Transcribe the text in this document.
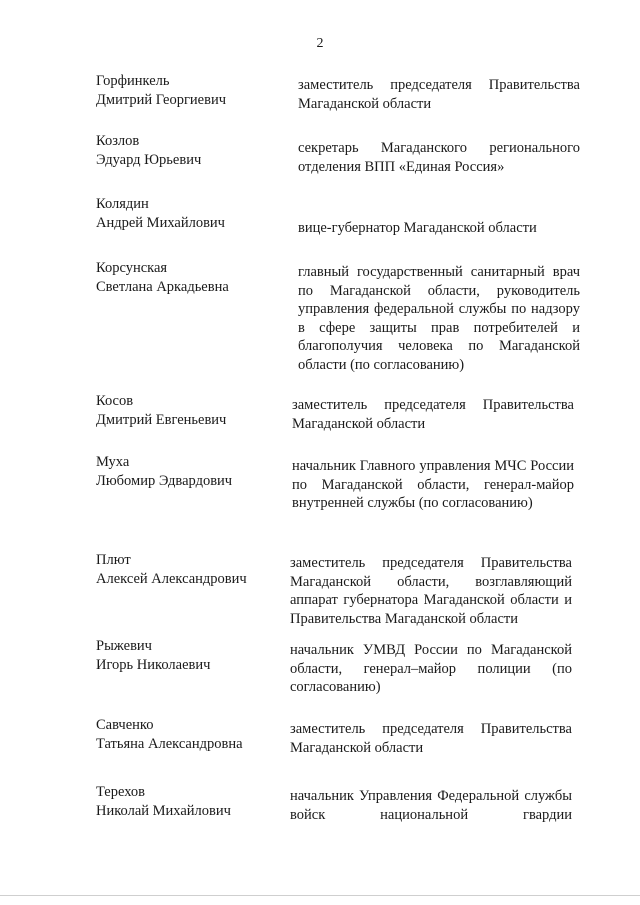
2
Горфинкель
Дмитрий Георгиевич
заместитель председателя Правительства Магаданской области
Козлов
Эдуард Юрьевич
секретарь Магаданского регионального отделения ВПП «Единая Россия»
Колядин
Андрей Михайлович	вице-губернатор Магаданской области
Корсунская
Светлана Аркадьевна
главный государственный санитарный врач по Магаданской области, руководитель управления федеральной службы по надзору в сфере защиты прав потребителей и благополучия человека по Магаданской области (по согласованию)
Косов
Дмитрий Евгеньевич
заместитель председателя Правительства Магаданской области
Муха
Любомир Эдвардович
начальник Главного управления МЧС России по Магаданской области, генерал-майор внутренней службы (по согласованию)
Плют
Алексей Александрович
заместитель председателя Правительства Магаданской области, возглавляющий аппарат губернатора Магаданской области и Правительства Магаданской области
Рыжевич
Игорь Николаевич
начальник УМВД России по Магаданской области, генерал–майор полиции (по согласованию)
Савченко
Татьяна Александровна
заместитель председателя Правительства Магаданской области
Терехов
Николай Михайлович
начальник Управления Федеральной службы войск национальной гвардии
